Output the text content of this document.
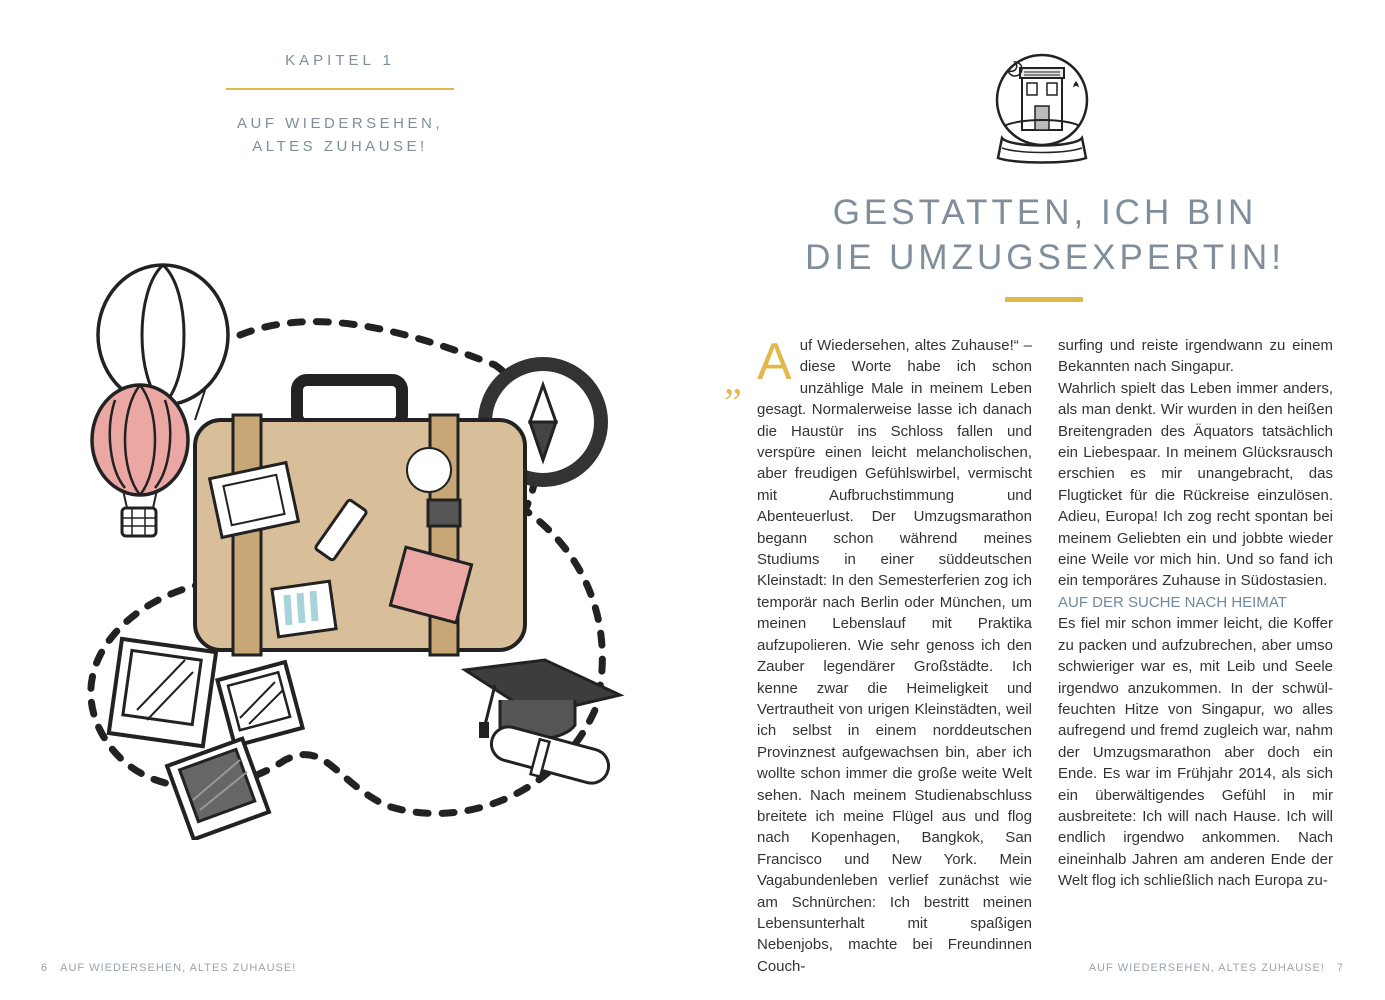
KAPITEL 1
AUF WIEDERSEHEN,
ALTES ZUHAUSE!
6 AUF WIEDERSEHEN, ALTES ZUHAUSE!
GESTATTEN, ICH BIN
DIE UMZUGSEXPERTIN!
„ Auf Wiedersehen, altes Zuhause!“ – diese Worte habe ich schon unzählige Male in meinem Leben gesagt. Normalerweise lasse ich danach die Haustür ins Schloss fallen und verspüre einen leicht melancholischen, aber freudigen Gefühlswirbel, vermischt mit Aufbruchstimmung und Abenteuerlust. Der Umzugsmarathon begann schon während meines Studiums in einer süddeutschen Kleinstadt: In den Semesterferien zog ich temporär nach Berlin oder München, um meinen Lebenslauf mit Praktika aufzupolieren. Wie sehr genoss ich den Zauber legendärer Großstädte. Ich kenne zwar die Heimeligkeit und Vertrautheit von urigen Kleinstädten, weil ich selbst in einem norddeutschen Provinznest aufgewachsen bin, aber ich wollte schon immer die große weite Welt sehen. Nach meinem Studienabschluss breitete ich meine Flügel aus und flog nach Kopenhagen, Bangkok, San Francisco und New York. Mein Vagabundenleben verlief zunächst wie am Schnürchen: Ich bestritt meinen Lebensunterhalt mit spaßigen Nebenjobs, machte bei Freundinnen Couch-

surfing und reiste irgendwann zu einem Bekannten nach Singapur.

Wahrlich spielt das Leben immer anders, als man denkt. Wir wurden in den heißen Breitengraden des Äquators tatsächlich ein Liebespaar. In meinem Glücksrausch erschien es mir unangebracht, das Flugticket für die Rückreise einzulösen. Adieu, Europa! Ich zog recht spontan bei meinem Geliebten ein und jobbte wieder eine Weile vor mich hin. Und so fand ich ein temporäres Zuhause in Südostasien.

AUF DER SUCHE NACH HEIMAT

Es fiel mir schon immer leicht, die Koffer zu packen und aufzubrechen, aber umso schwieriger war es, mit Leib und Seele irgendwo anzukommen. In der schwül-feuchten Hitze von Singapur, wo alles aufregend und fremd zugleich war, nahm der Umzugsmarathon aber doch ein Ende. Es war im Frühjahr 2014, als sich ein überwältigendes Gefühl in mir ausbreitete: Ich will nach Hause. Ich will endlich irgendwo ankommen. Nach eineinhalb Jahren am anderen Ende der Welt flog ich schließlich nach Europa zu-

AUF WIEDERSEHEN, ALTES ZUHAUSE! 7
